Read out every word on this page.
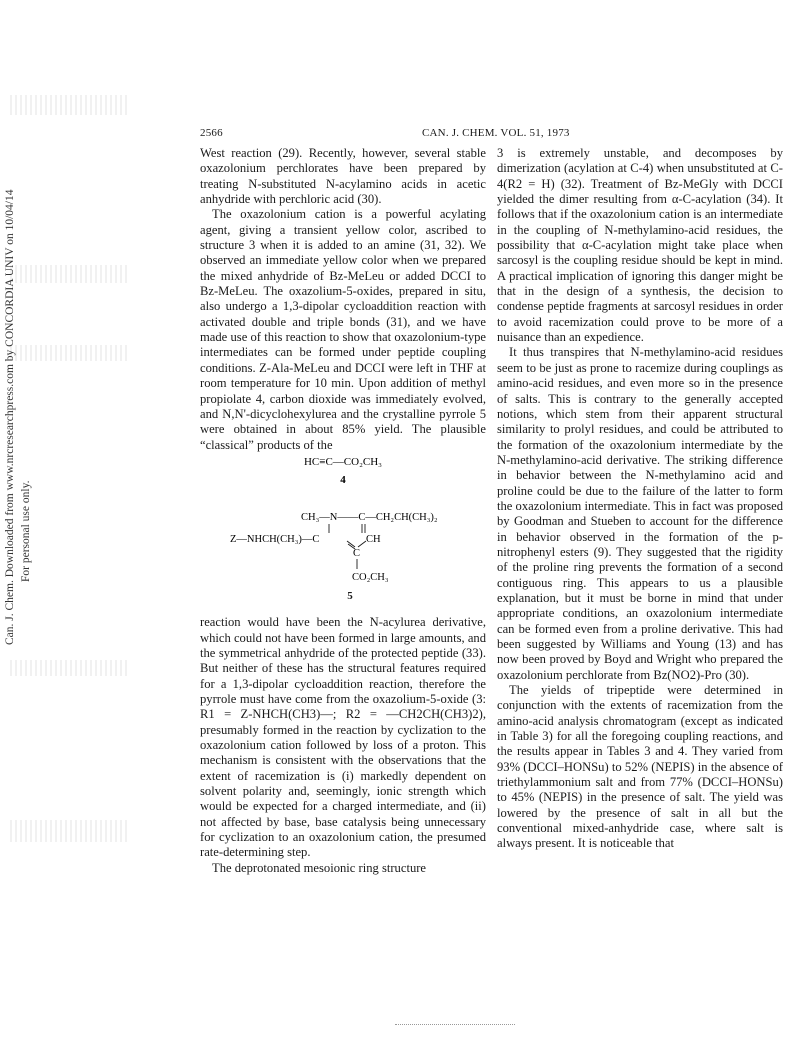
Can. J. Chem. Downloaded from www.nrcresearchpress.com by CONCORDIA UNIV on 10/04/14 For personal use only.
2566	CAN. J. CHEM. VOL. 51, 1973

West reaction (29). Recently, however, several stable oxazolonium perchlorates have been prepared by treating N-substituted N-acylamino acids in acetic anhydride with perchloric acid (30).

The oxazolonium cation is a powerful acylating agent, giving a transient yellow color, ascribed to structure 3 when it is added to an amine (31, 32). We observed an immediate yellow color when we prepared the mixed anhydride of Bz-MeLeu or added DCCI to Bz-MeLeu. The oxazolium-5-oxides, prepared in situ, also undergo a 1,3-dipolar cycloaddition reaction with activated double and triple bonds (31), and we have made use of this reaction to show that oxazolonium-type intermediates can be formed under peptide coupling conditions. Z-Ala-MeLeu and DCCI were left in THF at room temperature for 10 min. Upon addition of methyl propiolate 4, carbon dioxide was immediately evolved, and N,N'-dicyclohexylurea and the crystalline pyrrole 5 were obtained in about 85% yield. The plausible “classical” products of the

HC≡C—CO₂CH₃
4
CH₃—N——C—CH₂CH(CH₃)₂
Z—NHCH(CH₃)—C	CH
C
CO₂CH₃
5

reaction would have been the N-acylurea derivative, which could not have been formed in large amounts, and the symmetrical anhydride of the protected peptide (33). But neither of these has the structural features required for a 1,3-dipolar cycloaddition reaction, therefore the pyrrole must have come from the oxazolium-5-oxide (3: R1 = Z-NHCH(CH3)—; R2 = —CH2CH(CH3)2), presumably formed in the reaction by cyclization to the oxazolonium cation followed by loss of a proton. This mechanism is consistent with the observations that the extent of racemization is (i) markedly dependent on solvent polarity and, seemingly, ionic strength which would be expected for a charged intermediate, and (ii) not affected by base, base catalysis being unnecessary for cyclization to an oxazolonium cation, the presumed rate-determining step.

The deprotonated mesoionic ring structure

3 is extremely unstable, and decomposes by dimerization (acylation at C-4) when unsubstituted at C-4(R2 = H) (32). Treatment of Bz-MeGly with DCCI yielded the dimer resulting from α-C-acylation (34). It follows that if the oxazolonium cation is an intermediate in the coupling of N-methylamino-acid residues, the possibility that α-C-acylation might take place when sarcosyl is the coupling residue should be kept in mind. A practical implication of ignoring this danger might be that in the design of a synthesis, the decision to condense peptide fragments at sarcosyl residues in order to avoid racemization could prove to be more of a nuisance than an expedience.

It thus transpires that N-methylamino-acid residues seem to be just as prone to racemize during couplings as amino-acid residues, and even more so in the presence of salts. This is contrary to the generally accepted notions, which stem from their apparent structural similarity to prolyl residues, and could be attributed to the formation of the oxazolonium intermediate by the N-methylamino-acid derivative. The striking difference in behavior between the N-methylamino acid and proline could be due to the failure of the latter to form the oxazolonium intermediate. This in fact was proposed by Goodman and Stueben to account for the difference in behavior observed in the formation of the p-nitrophenyl esters (9). They suggested that the rigidity of the proline ring prevents the formation of a second contiguous ring. This appears to us a plausible explanation, but it must be borne in mind that under appropriate conditions, an oxazolonium intermediate can be formed even from a proline derivative. This had been suggested by Williams and Young (13) and has now been proved by Boyd and Wright who prepared the oxazolonium perchlorate from Bz(NO2)-Pro (30).

The yields of tripeptide were determined in conjunction with the extents of racemization from the amino-acid analysis chromatogram (except as indicated in Table 3) for all the foregoing coupling reactions, and the results appear in Tables 3 and 4. They varied from 93% (DCCI–HONSu) to 52% (NEPIS) in the absence of triethylammonium salt and from 77% (DCCI–HONSu) to 45% (NEPIS) in the presence of salt. The yield was lowered by the presence of salt in all but the conventional mixed-anhydride case, where salt is always present. It is noticeable that
